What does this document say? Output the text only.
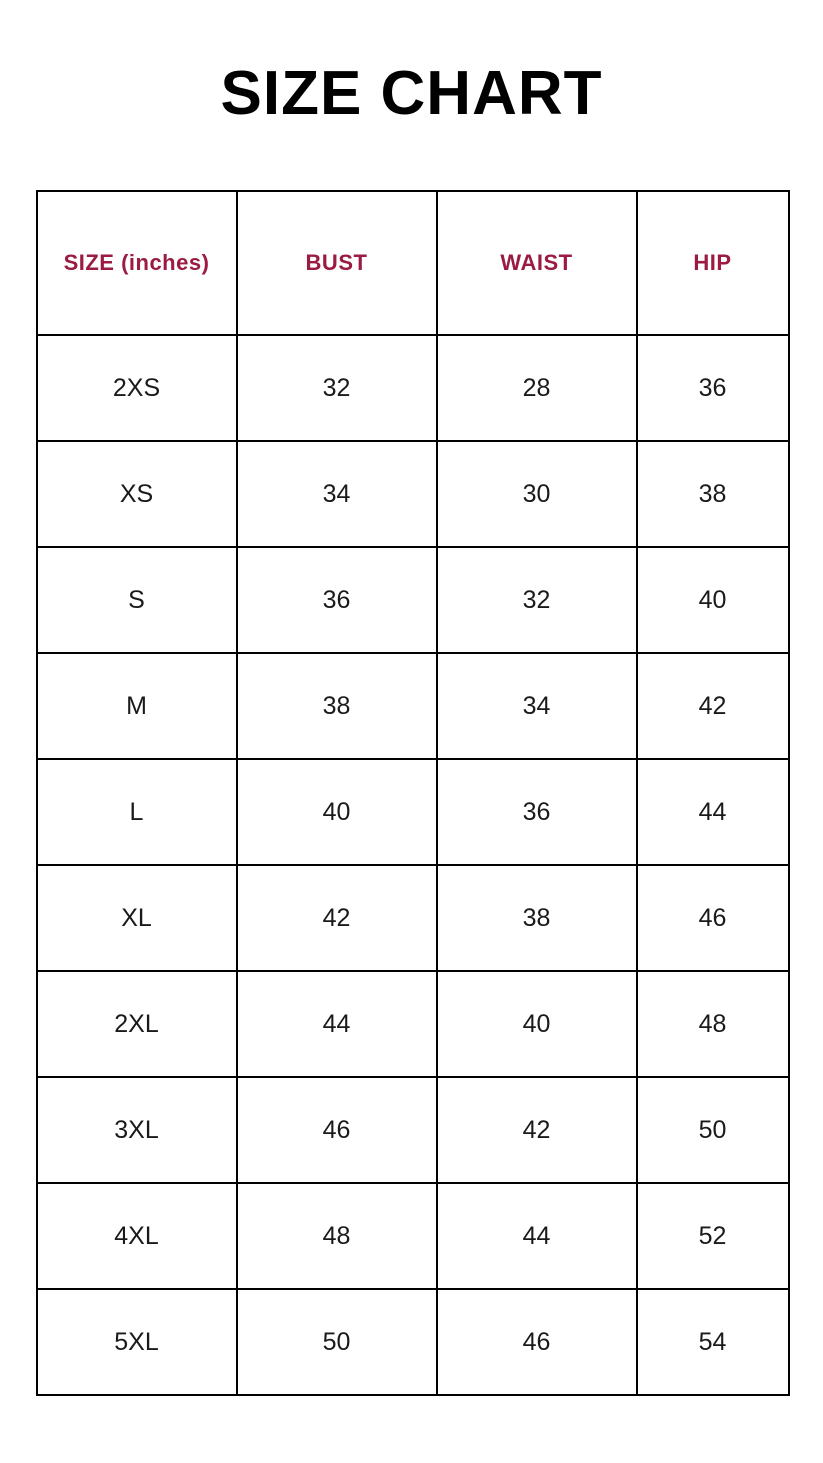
SIZE CHART
SIZE (inches)	BUST	WAIST	HIP
2XS	32	28	36
XS	34	30	38
S	36	32	40
M	38	34	42
L	40	36	44
XL	42	38	46
2XL	44	40	48
3XL	46	42	50
4XL	48	44	52
5XL	50	46	54
